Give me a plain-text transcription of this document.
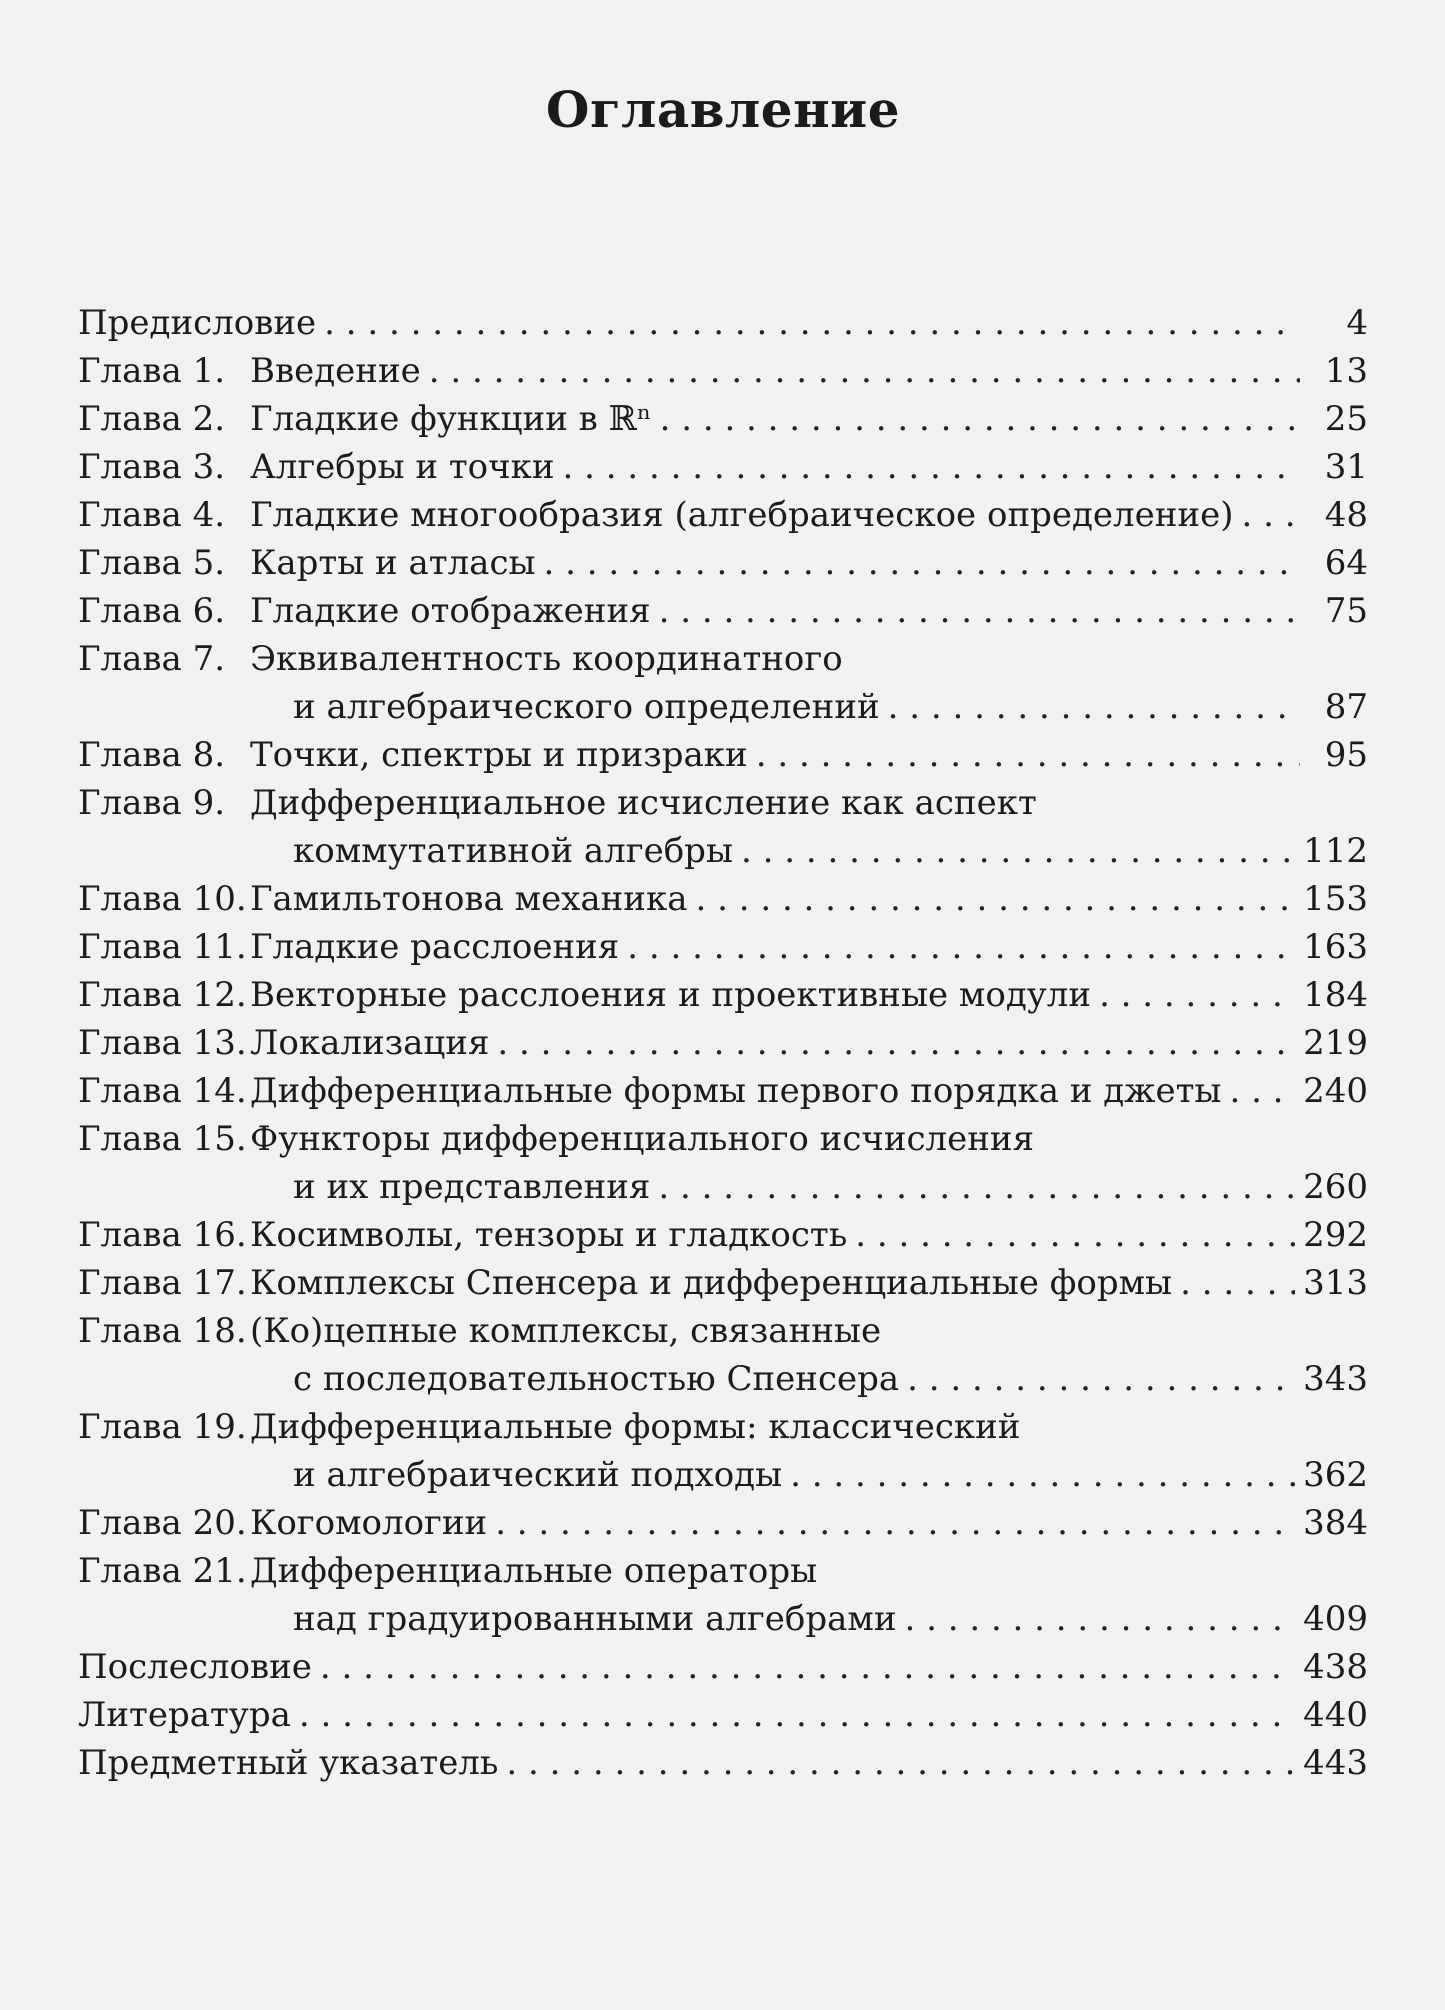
Оглавление
Предисловие . . .	4
Глава 1. Введение . . .	13
Глава 2. Гладкие функции в ℝⁿ . . .	25
Глава 3. Алгебры и точки . . .	31
Глава 4. Гладкие многообразия (алгебраическое определение) . . .	48
Глава 5. Карты и атласы . . .	64
Глава 6. Гладкие отображения . . .	75
Глава 7. Эквивалентность координатного
и алгебраического определений . . .	87
Глава 8. Точки, спектры и призраки . . .	95
Глава 9. Дифференциальное исчисление как аспект
коммутативной алгебры . . .	112
Глава 10. Гамильтонова механика . . .	153
Глава 11. Гладкие расслоения . . .	163
Глава 12. Векторные расслоения и проективные модули . . .	184
Глава 13. Локализация . . .	219
Глава 14. Дифференциальные формы первого порядка и джеты . . . 240
Глава 15. Функторы дифференциального исчисления
и их представления . . .	260
Глава 16. Косимволы, тензоры и гладкость . . .	292
Глава 17. Комплексы Спенсера и дифференциальные формы . . .	313
Глава 18. (Ко)цепные комплексы, связанные
с последовательностью Спенсера . . .	343
Глава 19. Дифференциальные формы: классический
и алгебраический подходы . . .	362
Глава 20. Когомологии . . .	384
Глава 21. Дифференциальные операторы
над градуированными алгебрами . . .	409
Послесловие . . .	438
Литература . . .	440
Предметный указатель . . .	443
